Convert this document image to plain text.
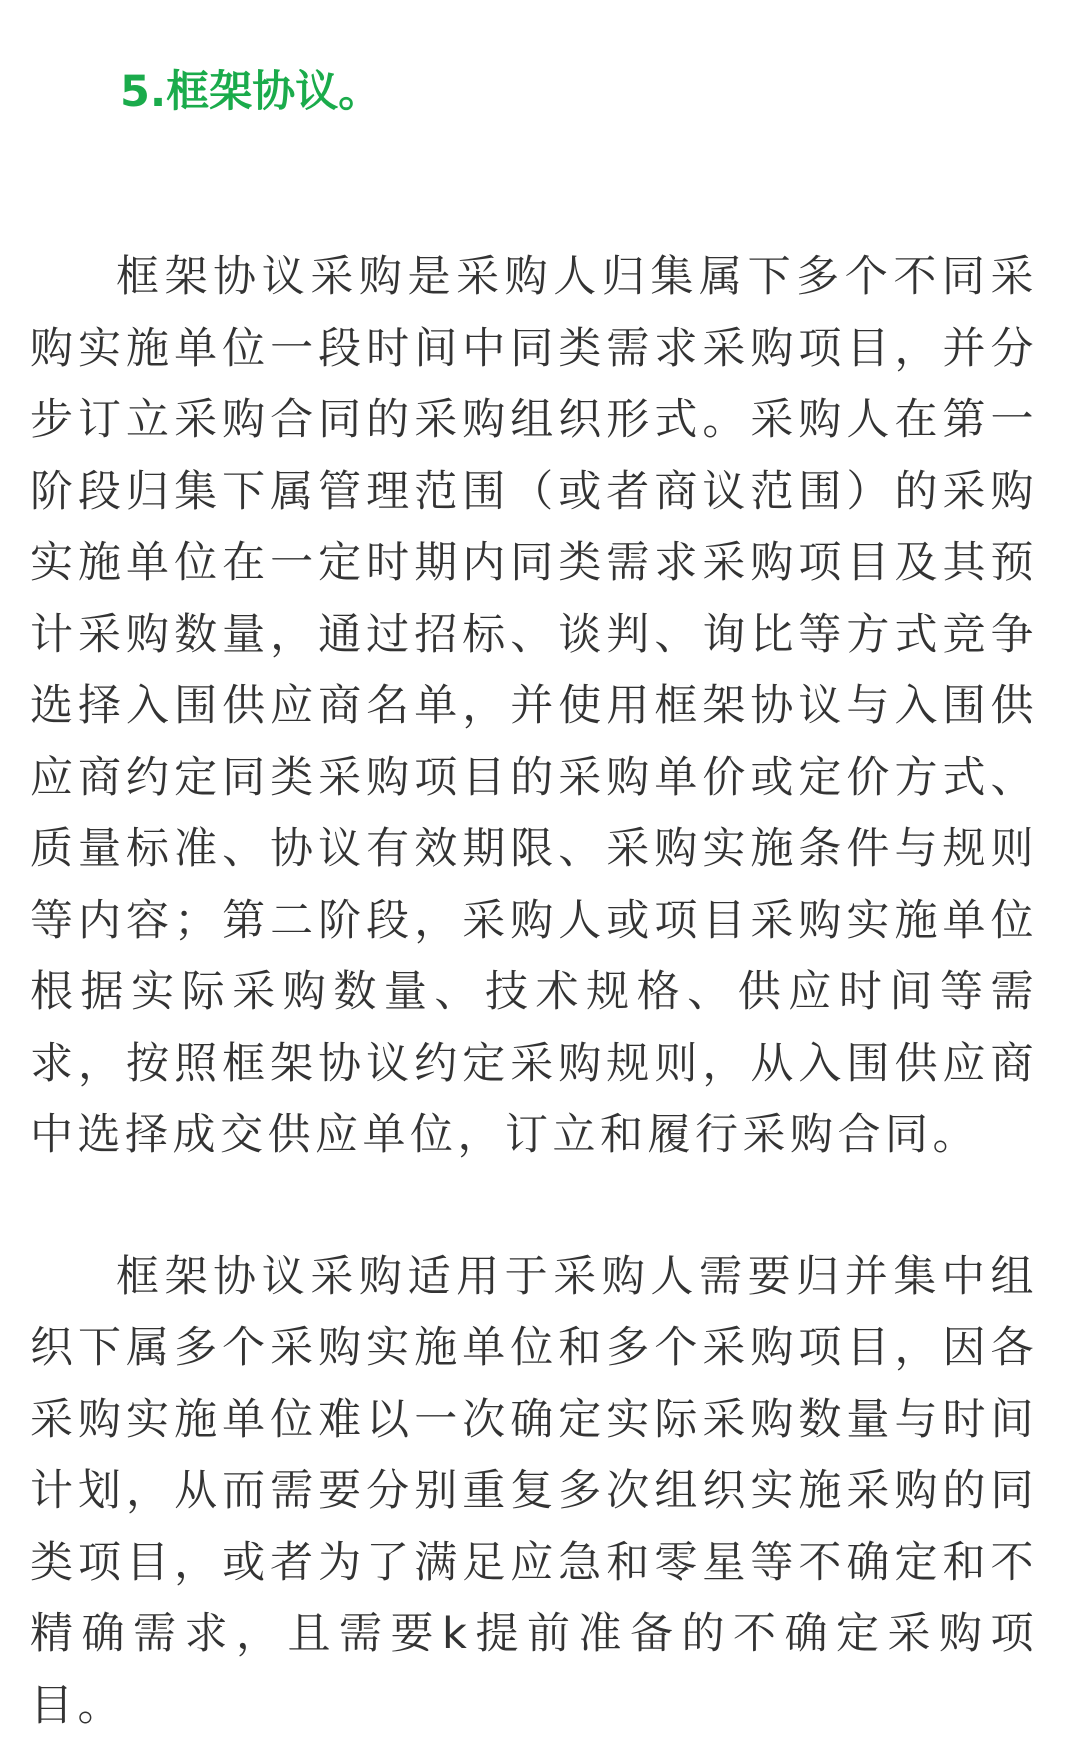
5.框架协议。

框架协议采购是采购人归集属下多个不同采购实施单位一段时间中同类需求采购项目，并分步订立采购合同的采购组织形式。采购人在第一阶段归集下属管理范围（或者商议范围）的采购实施单位在一定时期内同类需求采购项目及其预计采购数量，通过招标、谈判、询比等方式竞争选择入围供应商名单，并使用框架协议与入围供应商约定同类采购项目的采购单价或定价方式、质量标准、协议有效期限、采购实施条件与规则等内容；第二阶段，采购人或项目采购实施单位根据实际采购数量、技术规格、供应时间等需求，按照框架协议约定采购规则，从入围供应商中选择成交供应单位，订立和履行采购合同。

框架协议采购适用于采购人需要归并集中组织下属多个采购实施单位和多个采购项目，因各采购实施单位难以一次确定实际采购数量与时间计划，从而需要分别重复多次组织实施采购的同类项目，或者为了满足应急和零星等不确定和不精确需求，且需要k提前准备的不确定采购项目。
